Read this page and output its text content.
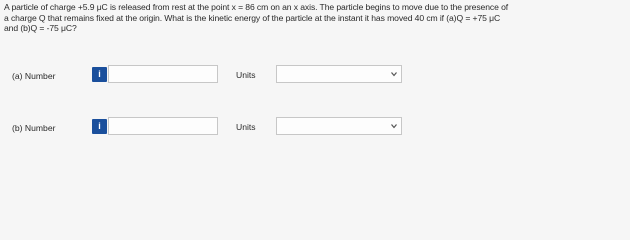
A particle of charge +5.9 μC is released from rest at the point x = 86 cm on an x axis. The particle begins to move due to the presence of
a charge Q that remains fixed at the origin. What is the kinetic energy of the particle at the instant it has moved 40 cm if (a)Q = +75 μC
and (b)Q = -75 μC?
(a) Number	i	Units
(b) Number	i	Units
